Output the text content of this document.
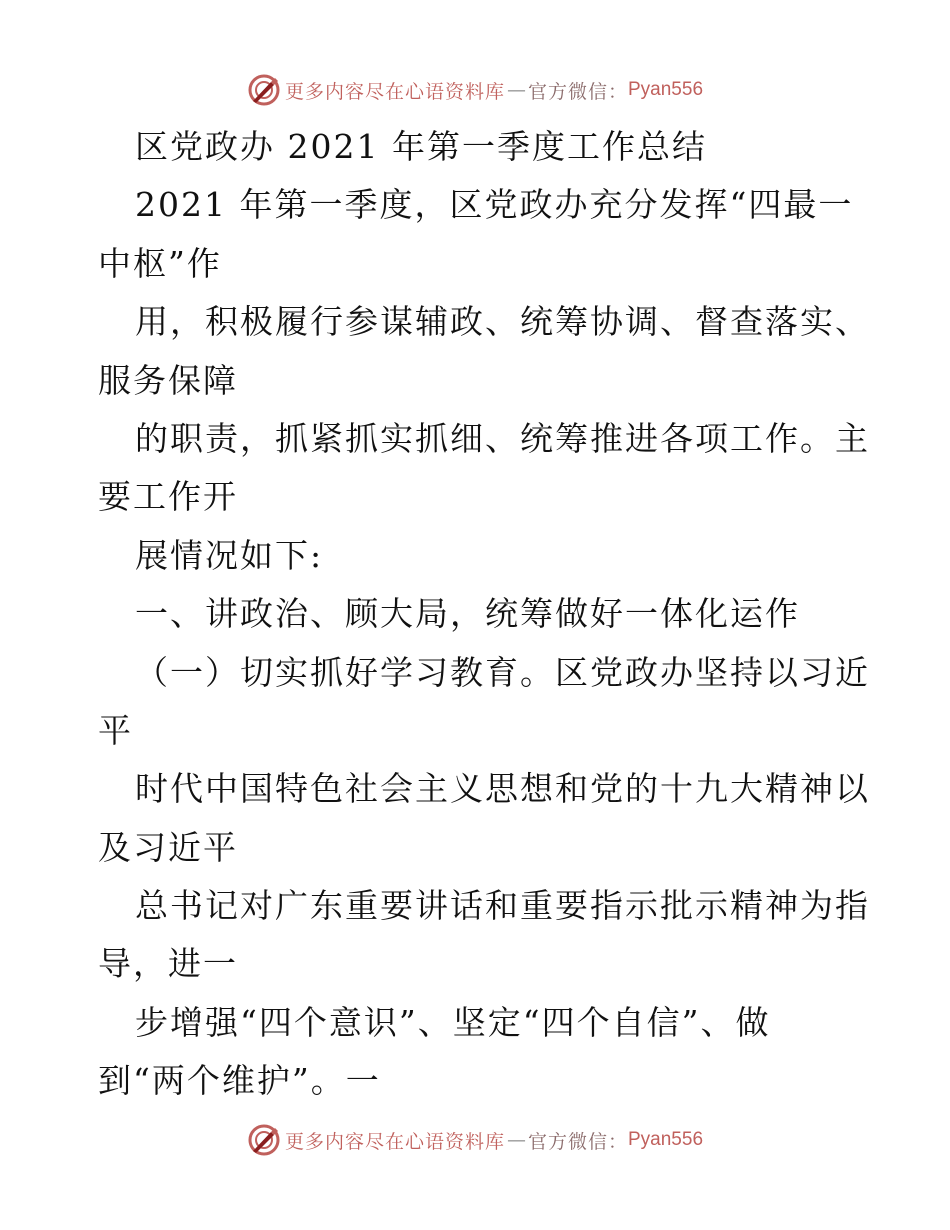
更多内容尽在心语资料库 — 官方微信： Pyan556
区党政办 2021 年第一季度工作总结
2021 年第一季度，区党政办充分发挥“四最一
中枢”作
用，积极履行参谋辅政、统筹协调、督查落实、
服务保障
的职责，抓紧抓实抓细、统筹推进各项工作。主
要工作开
展情况如下:
一、讲政治、顾大局，统筹做好一体化运作
（一）切实抓好学习教育。区党政办坚持以习近
平
时代中国特色社会主义思想和党的十九大精神以
及习近平
总书记对广东重要讲话和重要指示批示精神为指
导，进一
步增强“四个意识”、坚定“四个自信”、做
到“两个维护”。一
更多内容尽在心语资料库 — 官方微信： Pyan556
